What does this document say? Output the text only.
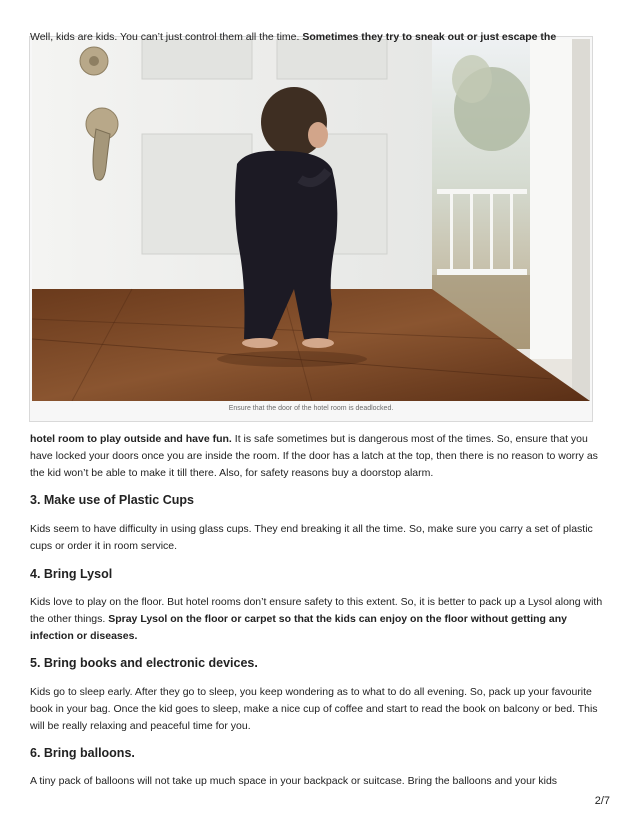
Well, kids are kids. You can’t just control them all the time. Sometimes they try to sneak out or just escape the
Ensure that the door of the hotel room is deadlocked.
hotel room to play outside and have fun. It is safe sometimes but is dangerous most of the times. So, ensure that you have locked your doors once you are inside the room. If the door has a latch at the top, then there is no reason to worry as the kid won’t be able to make it till there. Also, for safety reasons buy a doorstop alarm.
3. Make use of Plastic Cups
Kids seem to have difficulty in using glass cups. They end breaking it all the time. So, make sure you carry a set of plastic cups or order it in room service.
4. Bring Lysol
Kids love to play on the floor. But hotel rooms don’t ensure safety to this extent. So, it is better to pack up a Lysol along with the other things. Spray Lysol on the floor or carpet so that the kids can enjoy on the floor without getting any infection or diseases.
5. Bring books and electronic devices.
Kids go to sleep early. After they go to sleep, you keep wondering as to what to do all evening. So, pack up your favourite book in your bag. Once the kid goes to sleep, make a nice cup of coffee and start to read the book on balcony or bed. This will be really relaxing and peaceful time for you.
6. Bring balloons.
A tiny pack of balloons will not take up much space in your backpack or suitcase. Bring the balloons and your kids
2/7
